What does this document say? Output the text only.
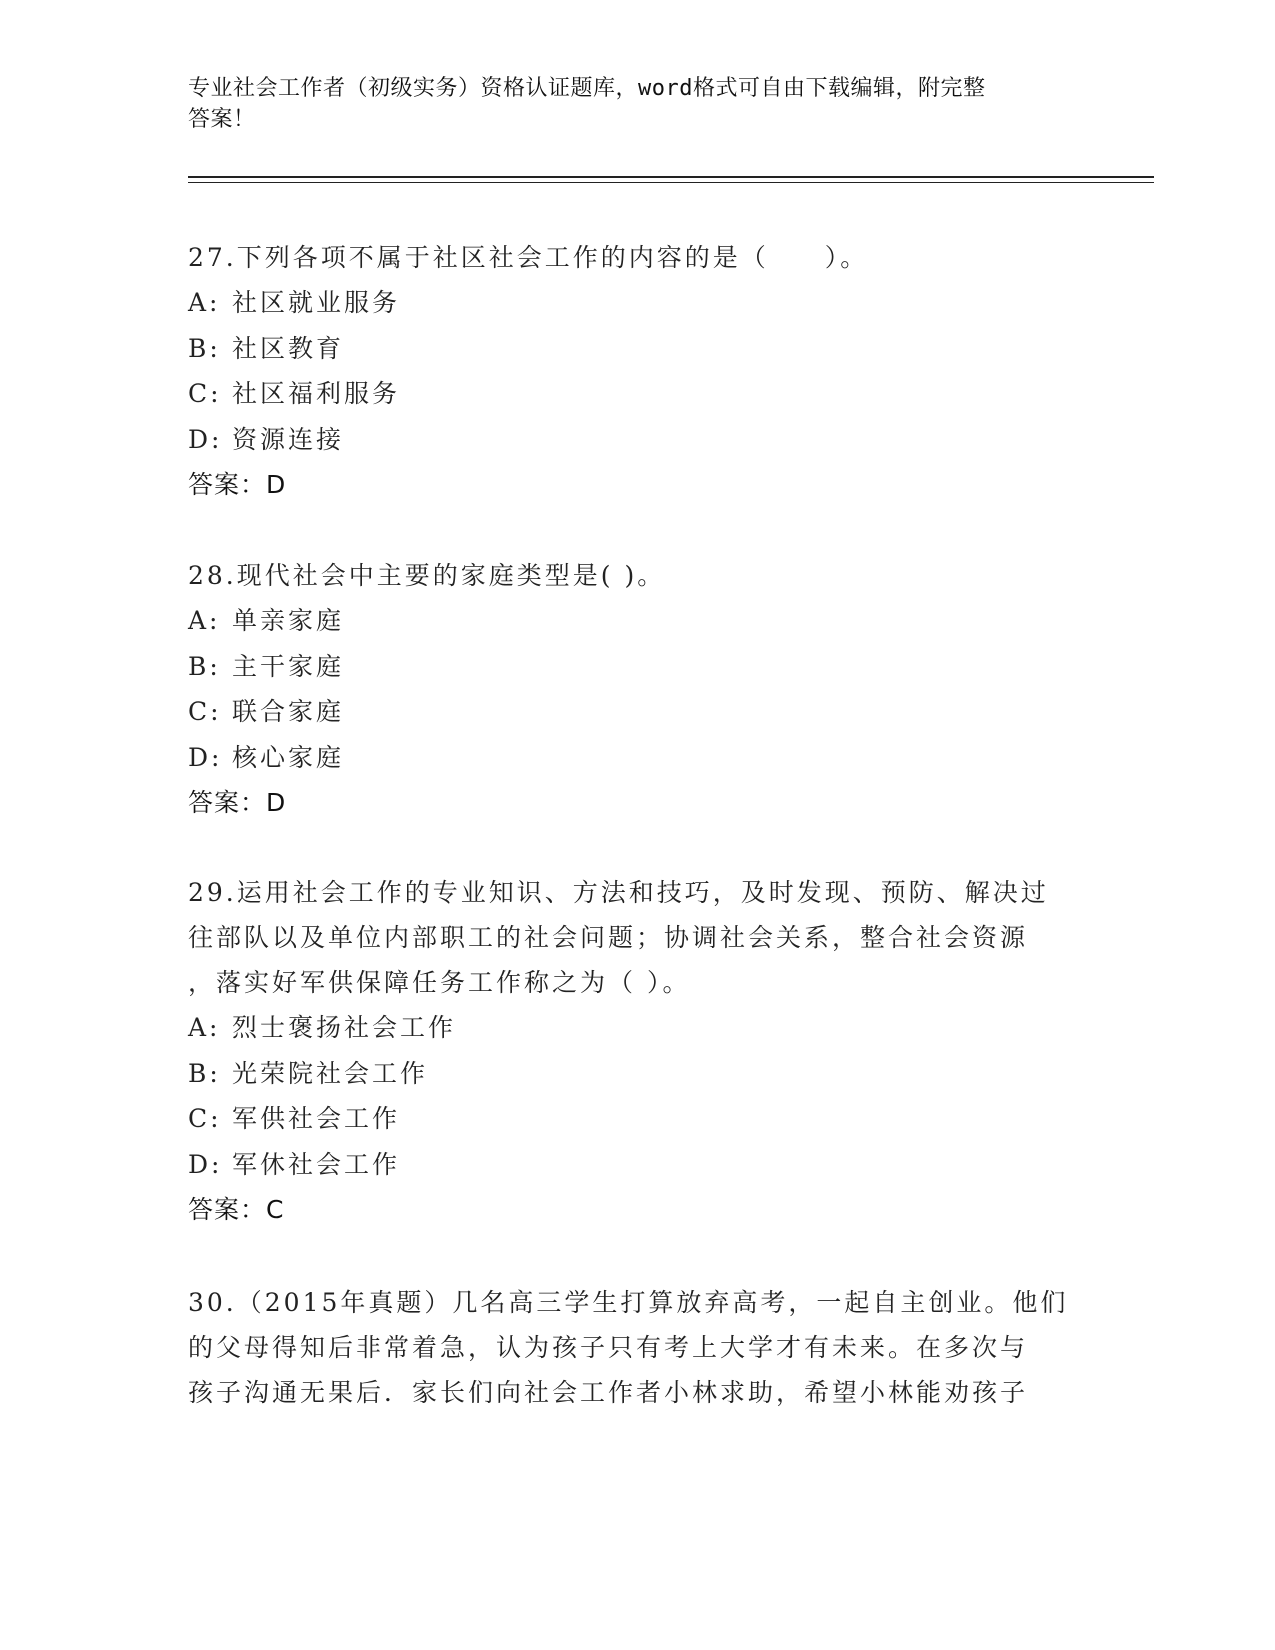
专业社会工作者（初级实务）资格认证题库，word格式可自由下载编辑，附完整
答案！

27.下列各项不属于社区社会工作的内容的是（　　）。

A: 社区就业服务

B: 社区教育

C: 社区福利服务

D: 资源连接

答案：D

28.现代社会中主要的家庭类型是( )。

A: 单亲家庭

B: 主干家庭

C: 联合家庭

D: 核心家庭

答案：D

29.运用社会工作的专业知识、方法和技巧，及时发现、预防、解决过

往部队以及单位内部职工的社会问题；协调社会关系，整合社会资源

，落实好军供保障任务工作称之为（ ）。

A: 烈士褒扬社会工作

B: 光荣院社会工作

C: 军供社会工作

D: 军休社会工作

答案：C

30.（2015年真题）几名高三学生打算放弃高考，一起自主创业。他们

的父母得知后非常着急，认为孩子只有考上大学才有未来。在多次与

孩子沟通无果后．家长们向社会工作者小林求助，希望小林能劝孩子
